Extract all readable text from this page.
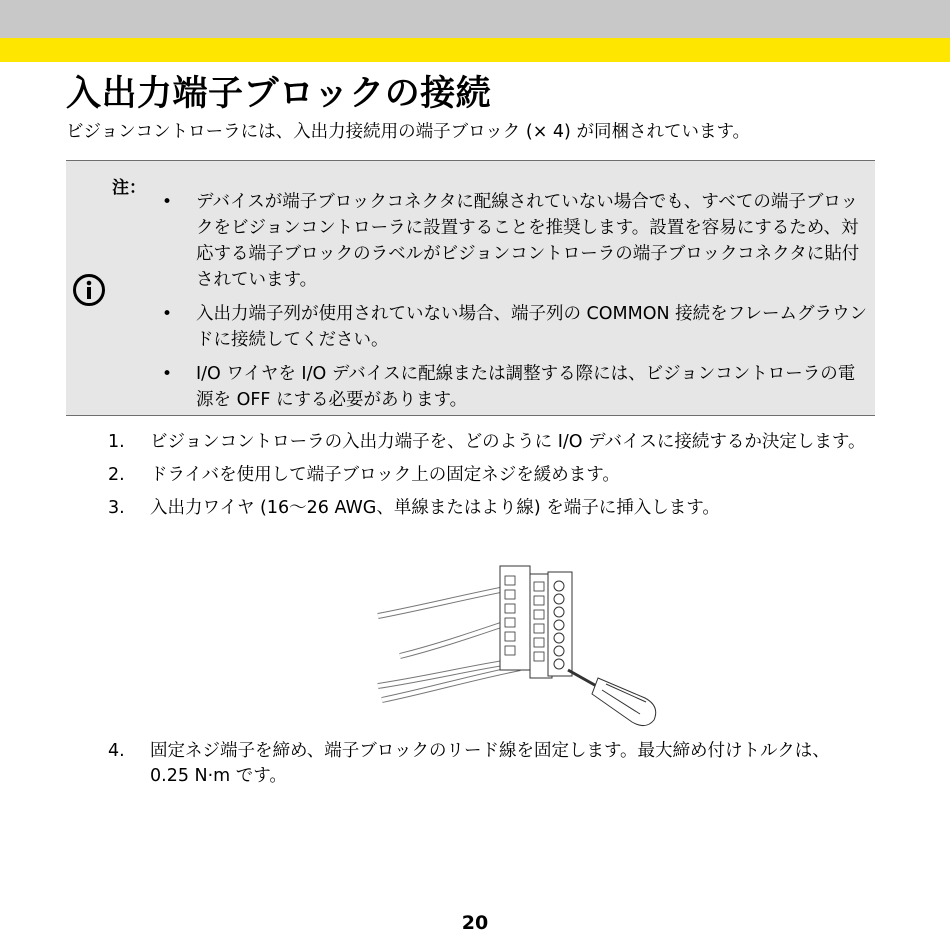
入出力端子ブロックの接続

ビジョンコントローラには、入出力接続用の端子ブロック (× 4) が同梱されています。

注：
• デバイスが端子ブロックコネクタに配線されていない場合でも、すべての端子ブロックをビジョンコントローラに設置することを推奨します。設置を容易にするため、対応する端子ブロックのラベルがビジョンコントローラの端子ブロックコネクタに貼付されています。
• 入出力端子列が使用されていない場合、端子列の COMMON 接続をフレームグラウンドに接続してください。
• I/O ワイヤを I/O デバイスに配線または調整する際には、ビジョンコントローラの電源を OFF にする必要があります。
1. ビジョンコントローラの入出力端子を、どのように I/O デバイスに接続するか決定します。
2. ドライバを使用して端子ブロック上の固定ネジを緩めます。
3. 入出力ワイヤ (16〜26 AWG、単線またはより線) を端子に挿入します。
4. 固定ネジ端子を締め、端子ブロックのリード線を固定します。最大締め付けトルクは、0.25 N·m です。
20
